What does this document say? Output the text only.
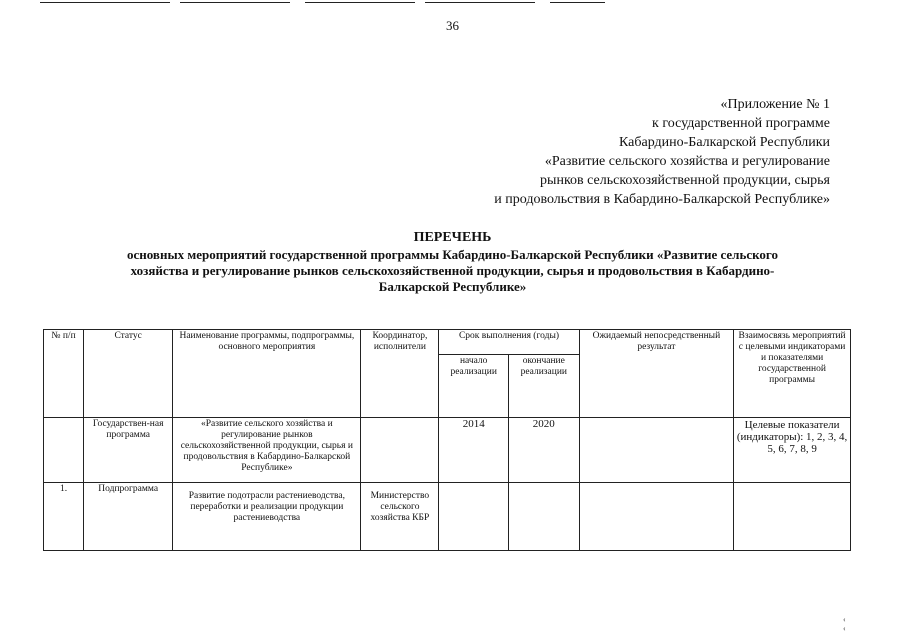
36
«Приложение № 1
к государственной программе
Кабардино-Балкарской Республики
«Развитие сельского хозяйства и регулирование
рынков сельскохозяйственной продукции, сырья
и продовольствия в Кабардино-Балкарской Республике»
ПЕРЕЧЕНЬ
основных мероприятий государственной программы Кабардино-Балкарской Республики «Развитие сельского
хозяйства и регулирование рынков сельскохозяйственной продукции, сырья и продовольствия в Кабардино-
Балкарской Республике»
№ п/п	Статус	Наименование программы, подпрограммы, основного мероприятия	Координатор, исполнители	Срок выполнения (годы)		Ожидаемый непосредственный результат	Взаимосвязь мероприятий с целевыми индикаторами и показателями государственной программы
				начало реализации	окончание реализации		
	Государствен-ная программа	«Развитие сельского хозяйства и регулирование рынков сельскохозяйственной продукции, сырья и продовольствия в Кабардино-Балкарской Республике»		2014	2020		Целевые показатели (индикаторы): 1, 2, 3, 4, 5, 6, 7, 8, 9
1.	Подпрограмма	Развитие подотрасли растениеводства, переработки и реализации продукции растениеводства	Министерство сельского хозяйства КБР				
‹ ‹
